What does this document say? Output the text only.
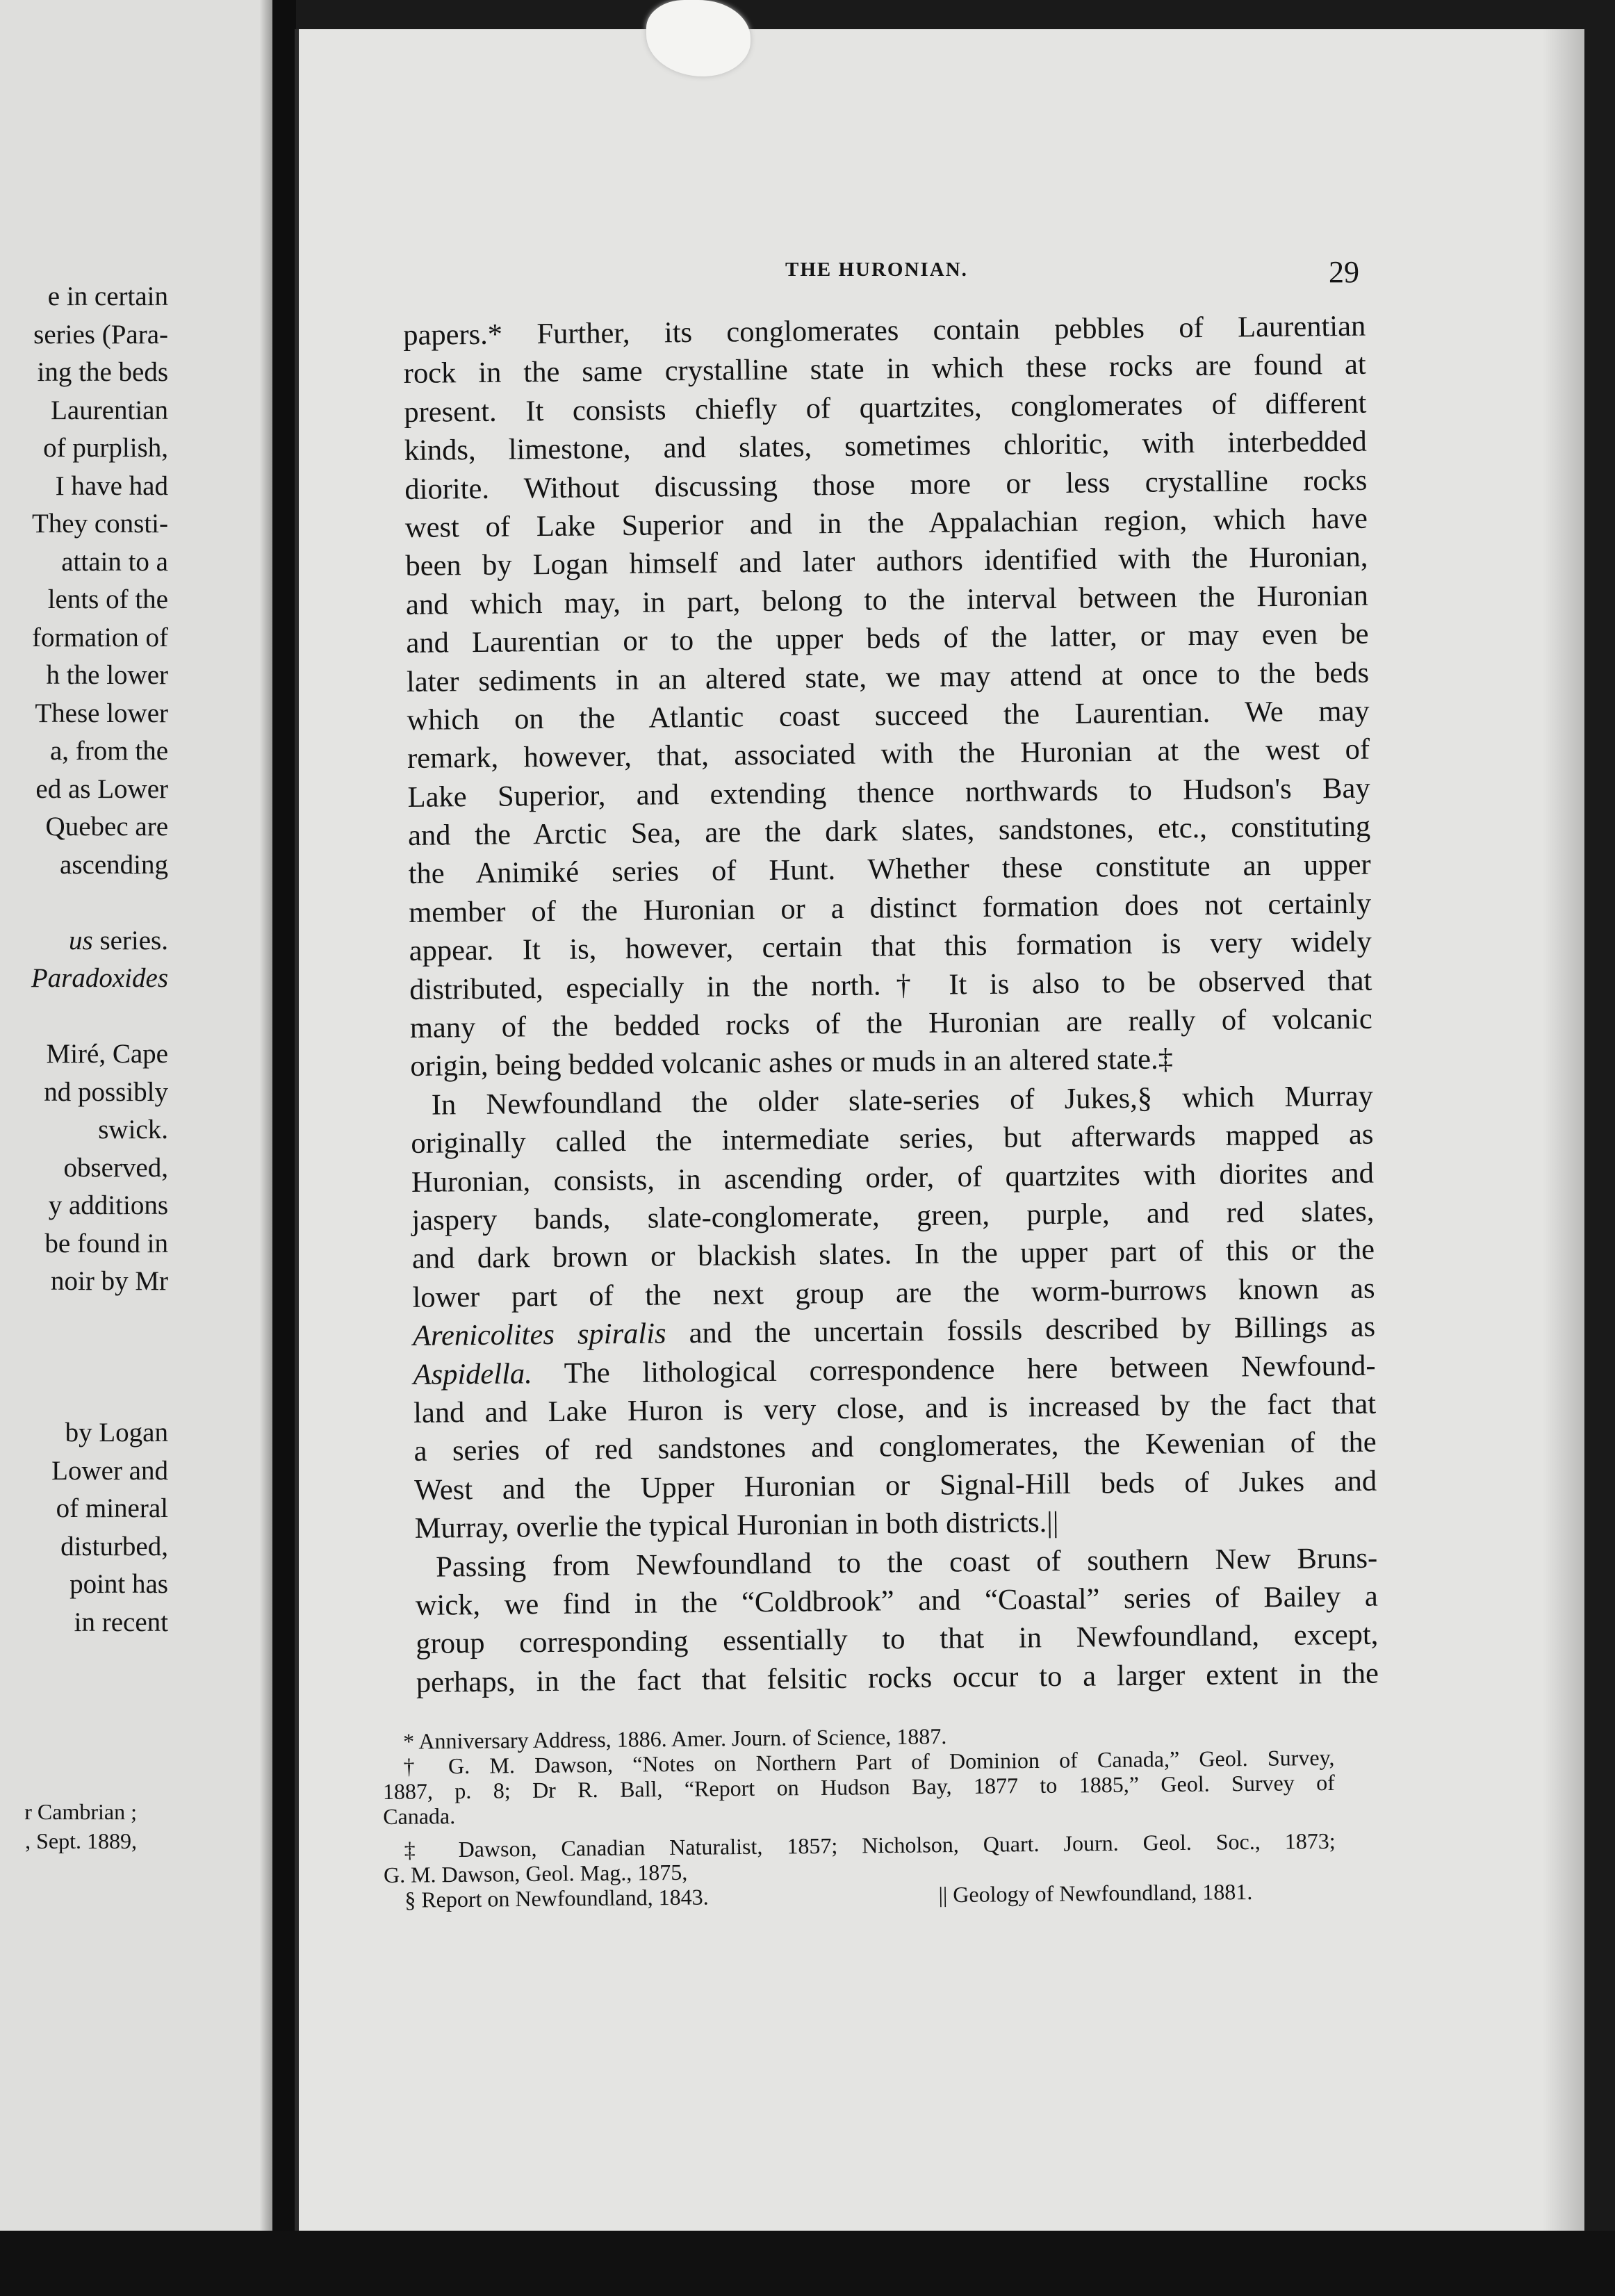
e in certain
series (Para-
ing the beds
Laurentian
of purplish,
I have had
They consti-
attain to a
lents of the
formation of
h the lower
These lower
a, from the
ed as Lower
Quebec are
ascending
us series.
Paradoxides
Miré, Cape
nd possibly
swick.
observed,
y additions
be found in
noir by Mr
by Logan
Lower and
of mineral
disturbed,
point has
in recent
r Cambrian ;
, Sept. 1889,
THE HURONIAN.	29
papers.* Further, its conglomerates contain pebbles of Laurentian
rock in the same crystalline state in which these rocks are found at
present. It consists chiefly of quartzites, conglomerates of different
kinds, limestone, and slates, sometimes chloritic, with interbedded
diorite. Without discussing those more or less crystalline rocks
west of Lake Superior and in the Appalachian region, which have
been by Logan himself and later authors identified with the Huronian,
and which may, in part, belong to the interval between the Huronian
and Laurentian or to the upper beds of the latter, or may even be
later sediments in an altered state, we may attend at once to the beds
which on the Atlantic coast succeed the Laurentian. We may
remark, however, that, associated with the Huronian at the west of
Lake Superior, and extending thence northwards to Hudson's Bay
and the Arctic Sea, are the dark slates, sandstones, etc., constituting
the Animiké series of Hunt. Whether these constitute an upper
member of the Huronian or a distinct formation does not certainly
appear. It is, however, certain that this formation is very widely
distributed, especially in the north.† It is also to be observed that
many of the bedded rocks of the Huronian are really of volcanic
origin, being bedded volcanic ashes or muds in an altered state.‡
In Newfoundland the older slate-series of Jukes,§ which Murray
originally called the intermediate series, but afterwards mapped as
Huronian, consists, in ascending order, of quartzites with diorites and
jaspery bands, slate-conglomerate, green, purple, and red slates,
and dark brown or blackish slates. In the upper part of this or the
lower part of the next group are the worm-burrows known as
Arenicolites spiralis and the uncertain fossils described by Billings as
Aspidella. The lithological correspondence here between Newfound-
land and Lake Huron is very close, and is increased by the fact that
a series of red sandstones and conglomerates, the Kewenian of the
West and the Upper Huronian or Signal-Hill beds of Jukes and
Murray, overlie the typical Huronian in both districts.||
Passing from Newfoundland to the coast of southern New Bruns-
wick, we find in the “Coldbrook” and “Coastal” series of Bailey a
group corresponding essentially to that in Newfoundland, except,
perhaps, in the fact that felsitic rocks occur to a larger extent in the
* Anniversary Address, 1886. Amer. Journ. of Science, 1887.
† G. M. Dawson, “Notes on Northern Part of Dominion of Canada,” Geol. Survey,
1887, p. 8; Dr R. Ball, “Report on Hudson Bay, 1877 to 1885,” Geol. Survey of
Canada.
‡ Dawson, Canadian Naturalist, 1857; Nicholson, Quart. Journ. Geol. Soc., 1873;
G. M. Dawson, Geol. Mag., 1875,
§ Report on Newfoundland, 1843.	|| Geology of Newfoundland, 1881.
